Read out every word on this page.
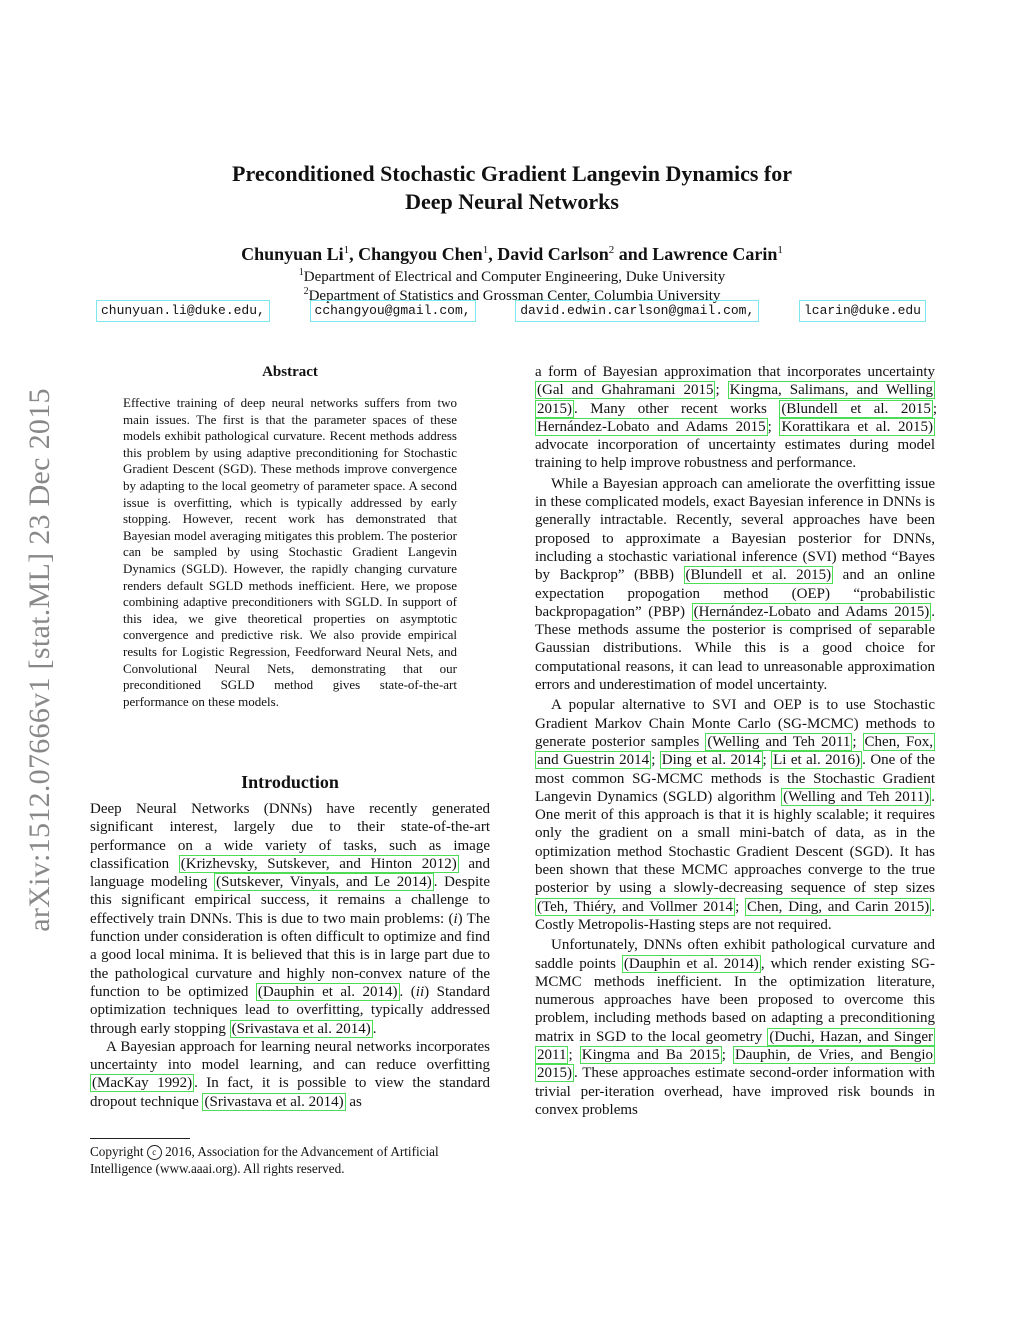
arXiv:1512.07666v1 [stat.ML] 23 Dec 2015
Preconditioned Stochastic Gradient Langevin Dynamics for
Deep Neural Networks
Chunyuan Li$^1$, Changyou Chen$^1$, David Carlson$^2$ and Lawrence Carin$^1$
$^1$Department of Electrical and Computer Engineering, Duke University
$^2$Department of Statistics and Grossman Center, Columbia University
chunyuan.li@duke.edu,	cchangyou@gmail.com,	david.edwin.carlson@gmail.com,	lcarin@duke.edu
Abstract

Effective training of deep neural networks suffers from two main issues. The first is that the parameter spaces of these models exhibit pathological curvature. Recent methods address this problem by using adaptive preconditioning for Stochastic Gradient Descent (SGD). These methods improve convergence by adapting to the local geometry of parameter space. A second issue is overfitting, which is typically addressed by early stopping. However, recent work has demonstrated that Bayesian model averaging mitigates this problem. The posterior can be sampled by using Stochastic Gradient Langevin Dynamics (SGLD). However, the rapidly changing curvature renders default SGLD methods inefficient. Here, we propose combining adaptive preconditioners with SGLD. In support of this idea, we give theoretical properties on asymptotic convergence and predictive risk. We also provide empirical results for Logistic Regression, Feedforward Neural Nets, and Convolutional Neural Nets, demonstrating that our preconditioned SGLD method gives state-of-the-art performance on these models.

Introduction

Deep Neural Networks (DNNs) have recently generated significant interest, largely due to their state-of-the-art performance on a wide variety of tasks, such as image classification (Krizhevsky, Sutskever, and Hinton 2012) and language modeling (Sutskever, Vinyals, and Le 2014) . Despite this significant empirical success, it remains a challenge to effectively train DNNs. This is due to two main problems: (i) The function under consideration is often difficult to optimize and find a good local minima. It is believed that this is in large part due to the pathological curvature and highly non-convex nature of the function to be optimized (Dauphin et al. 2014) . (ii) Standard optimization techniques lead to overfitting, typically addressed through early stopping (Srivastava et al. 2014) .

A Bayesian approach for learning neural networks incorporates uncertainty into model learning, and can reduce overfitting (MacKay 1992) . In fact, it is possible to view the standard dropout technique (Srivastava et al. 2014) as

Copyright c 2016, Association for the Advancement of Artificial Intelligence (www.aaai.org). All rights reserved.

a form of Bayesian approximation that incorporates uncertainty (Gal and Ghahramani 2015 ; Kingma, Salimans, and Welling 2015) . Many other recent works (Blundell et al. 2015 ; Hernández-Lobato and Adams 2015 ; Korattikara et al. 2015) advocate incorporation of uncertainty estimates during model training to help improve robustness and performance.

While a Bayesian approach can ameliorate the overfitting issue in these complicated models, exact Bayesian inference in DNNs is generally intractable. Recently, several approaches have been proposed to approximate a Bayesian posterior for DNNs, including a stochastic variational inference (SVI) method “Bayes by Backprop” (BBB) (Blundell et al. 2015) and an online expectation propogation method (OEP) “probabilistic backpropagation” (PBP) (Hernández-Lobato and Adams 2015) . These methods assume the posterior is comprised of separable Gaussian distributions. While this is a good choice for computational reasons, it can lead to unreasonable approximation errors and underestimation of model uncertainty.

A popular alternative to SVI and OEP is to use Stochastic Gradient Markov Chain Monte Carlo (SG-MCMC) methods to generate posterior samples (Welling and Teh 2011 ; Chen, Fox, and Guestrin 2014 ; Ding et al. 2014 ; Li et al. 2016) . One of the most common SG-MCMC methods is the Stochastic Gradient Langevin Dynamics (SGLD) algorithm (Welling and Teh 2011) . One merit of this approach is that it is highly scalable; it requires only the gradient on a small mini-batch of data, as in the optimization method Stochastic Gradient Descent (SGD). It has been shown that these MCMC approaches converge to the true posterior by using a slowly-decreasing sequence of step sizes (Teh, Thiéry, and Vollmer 2014 ; Chen, Ding, and Carin 2015) . Costly Metropolis-Hasting steps are not required.

Unfortunately, DNNs often exhibit pathological curvature and saddle points (Dauphin et al. 2014) , which render existing SG-MCMC methods inefficient. In the optimization literature, numerous approaches have been proposed to overcome this problem, including methods based on adapting a preconditioning matrix in SGD to the local geometry (Duchi, Hazan, and Singer 2011 ; Kingma and Ba 2015 ; Dauphin, de Vries, and Bengio 2015) . These approaches estimate second-order information with trivial per-iteration overhead, have improved risk bounds in convex problems
